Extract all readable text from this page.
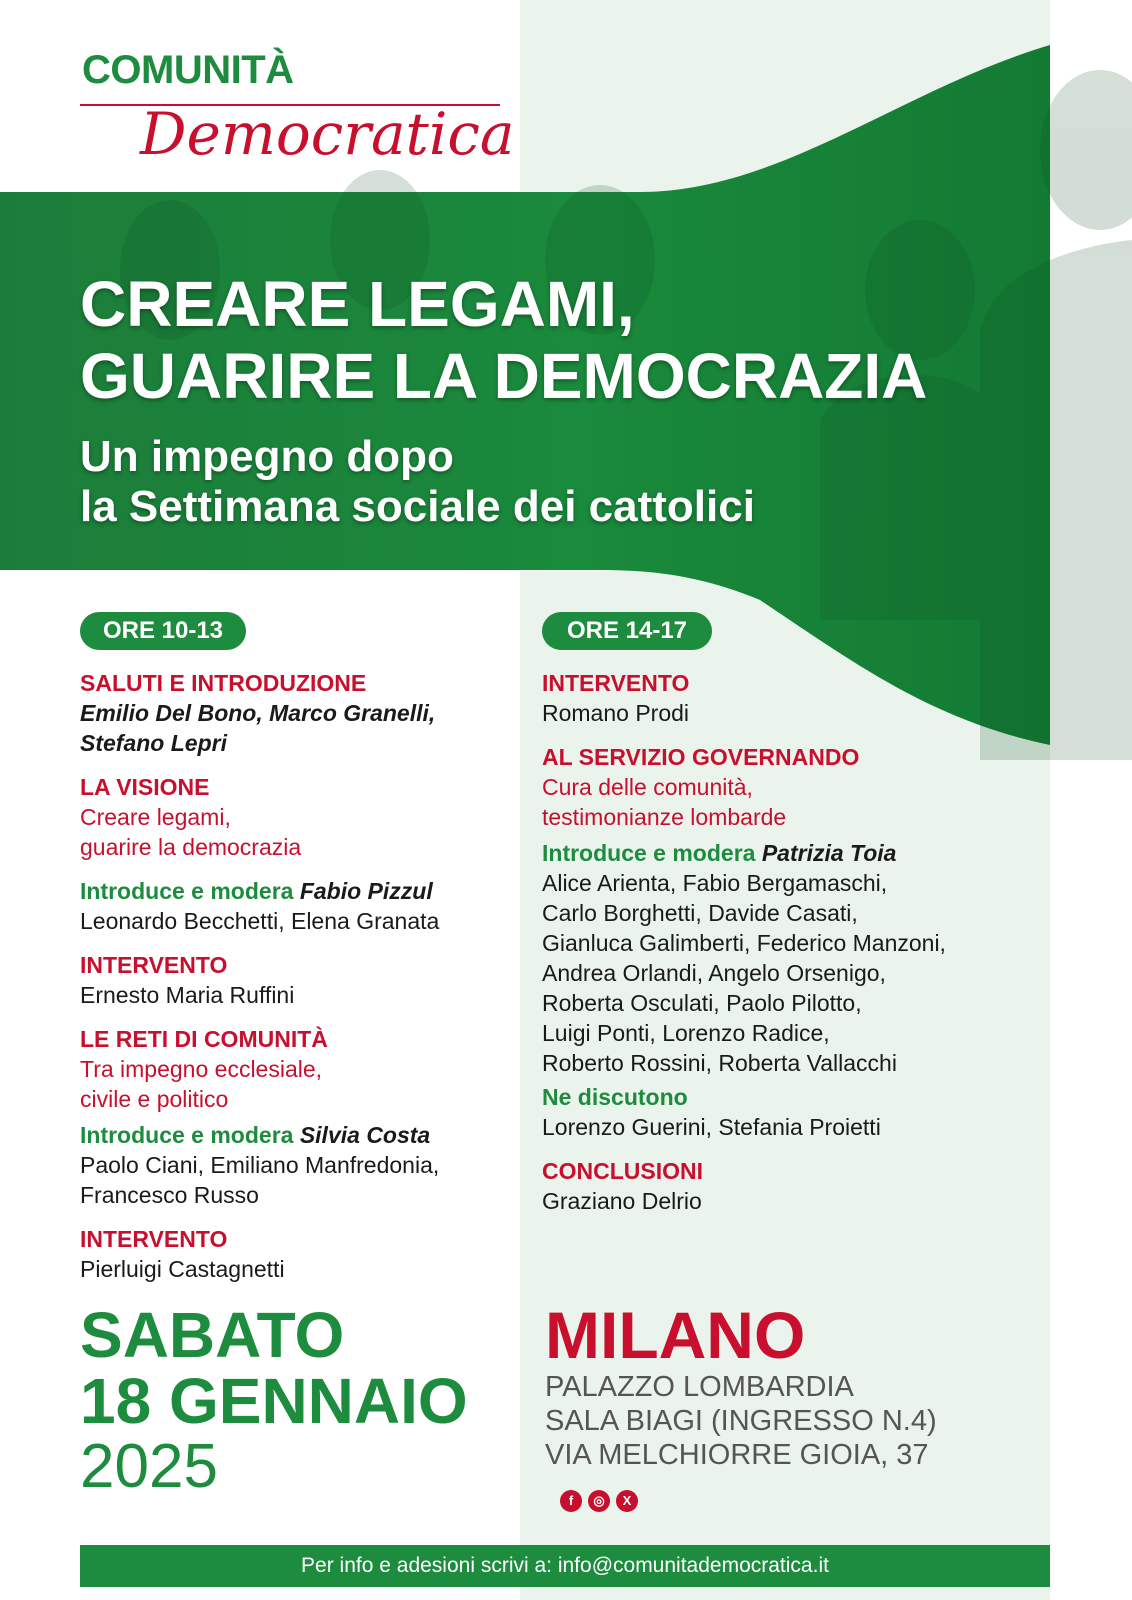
COMUNITÀ
Democratica
CREARE LEGAMI,
GUARIRE LA DEMOCRAZIA
Un impegno dopo
la Settimana sociale dei cattolici
ORE 10-13	ORE 14-17
SALUTI E INTRODUZIONE
Emilio Del Bono, Marco Granelli,
Stefano Lepri
LA VISIONE
Creare legami,
guarire la democrazia
Introduce e modera Fabio Pizzul
Leonardo Becchetti, Elena Granata
INTERVENTO
Ernesto Maria Ruffini
LE RETI DI COMUNITÀ
Tra impegno ecclesiale,
civile e politico
Introduce e modera Silvia Costa
Paolo Ciani, Emiliano Manfredonia,
Francesco Russo
INTERVENTO
Pierluigi Castagnetti
INTERVENTO
Romano Prodi
AL SERVIZIO GOVERNANDO
Cura delle comunità,
testimonianze lombarde
Introduce e modera Patrizia Toia
Alice Arienta, Fabio Bergamaschi,
Carlo Borghetti, Davide Casati,
Gianluca Galimberti, Federico Manzoni,
Andrea Orlandi, Angelo Orsenigo,
Roberta Osculati, Paolo Pilotto,
Luigi Ponti, Lorenzo Radice,
Roberto Rossini, Roberta Vallacchi
Ne discutono
Lorenzo Guerini, Stefania Proietti
CONCLUSIONI
Graziano Delrio
SABATO
18 GENNAIO
2025
MILANO
PALAZZO LOMBARDIA
SALA BIAGI (INGRESSO N.4)
VIA MELCHIORRE GIOIA, 37
f	◎	X
Per info e adesioni scrivi a: info@comunitademocratica.it
